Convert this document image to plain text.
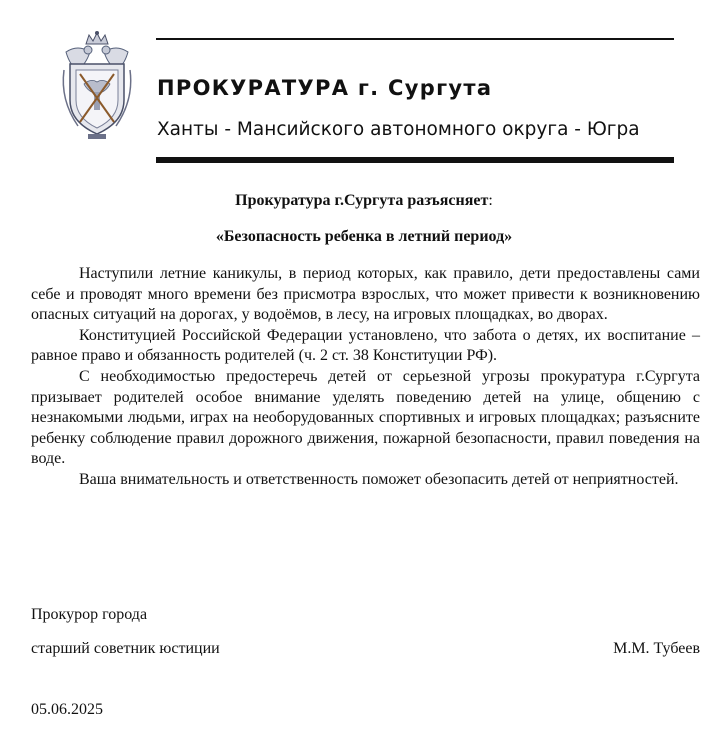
ПРОКУРАТУРА г. Сургута
Ханты - Мансийского автономного округа - Югра
Прокуратура г.Сургута разъясняет:
«Безопасность ребенка в летний период»

Наступили летние каникулы, в период которых, как правило, дети предоставлены сами себе и проводят много времени без присмотра взрослых, что может привести к возникновению опасных ситуаций на дорогах, у водоёмов, в лесу, на игровых площадках, во дворах.

Конституцией Российской Федерации установлено, что забота о детях, их воспитание – равное право и обязанность родителей (ч. 2 ст. 38 Конституции РФ).

С необходимостью предостеречь детей от серьезной угрозы прокуратура г.Сургута призывает родителей особое внимание уделять поведению детей на улице, общению с незнакомыми людьми, играх на необорудованных спортивных и игровых площадках; разъясните ребенку соблюдение правил дорожного движения, пожарной безопасности, правил поведения на воде.

Ваша внимательность и ответственность поможет обезопасить детей от неприятностей.

Прокурор города
старший советник юстиции	М.М. Тубеев
05.06.2025
